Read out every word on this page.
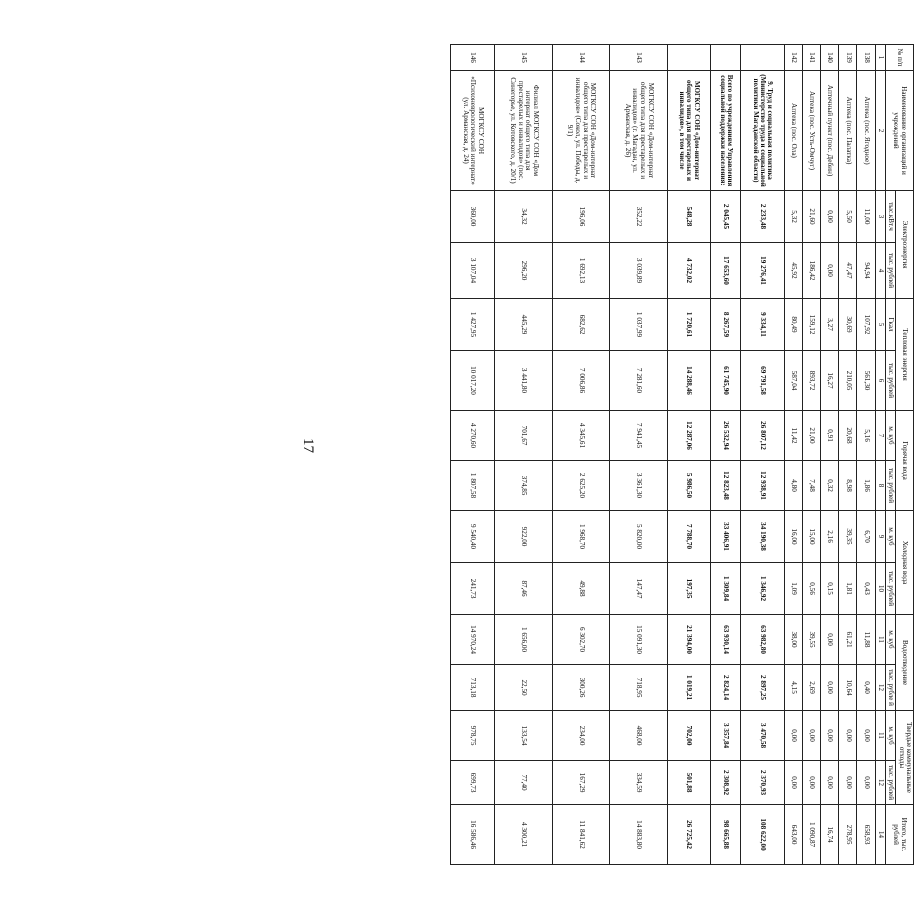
17
№ п/п	Наименование организаций и учреждений	Электроэнергия		Тепловая энергия		Горячая вода		Холодная вода		Водоотведение		Твердые коммунальные отходы		Итого, тыс. рублей
		тыс.кВт.ч	тыс. рублей	Гкал	тыс. рублей	м. куб	тыс. рублей	м. куб	тыс. рублей	м. куб	тыс. рубле й	м. куб	тыс. рублей	
1	2	3	4	5	6	7	8	9	10	11	12	11	12	14
138	Аптека (пос. Ягодное)	11,00	94,94	107,92	561,30	5,16	1,86	6,70	0,43	11,88	0,40	0,00	0,00	658,93
139	Аптека (пос. Палатка)	5,50	47,47	30,69	210,05	20,68	8,98	39,35	1,81	61,21	10,64	0,00	0,00	278,95
140	Аптечный пункт (пос. Дебин)	0,00	0,00	3,27	16,27	0,91	0,32	2,16	0,15	0,00	0,00	0,00	0,00	16,74
141	Аптека (пос. Усть-Омчуг)	21,60	186,42	159,12	893,72	21,00	7,48	15,00	0,56	39,55	2,69	0,00	0,00	1 090,87
142	Аптека (пос. Ола)	5,32	45,92	80,49	587,04	11,42	4,80	16,00	1,09	38,00	4,15	0,00	0,00	643,00
	9. Труд и социальная политика (Министерство труда и социальной политики Магаданской области)	2 233,48	19 276,41	9 334,11	69 791,58	26 807,12	12 938,91	34 190,38	1 346,92	63 982,80	2 897,25	3 470,58	2 370,93	108 622,00
	Всего по учреждениям Управления социальной поддержки населения:	2 045,45	17 653,60	8 267,59	61 745,90	26 532,94	12 823,48	33 406,91	1 309,84	63 930,14	2 824,14	3 357,84	2 308,92	98 665,88
	МОГКСУ СОН «Дом-интернат общего типа для престарелых и инвалидов», в том числе	548,28	4 732,02	1 720,61	14 288,46	12 287,06	5 986,50	7 788,70	197,35	21 394,00	1 019,21	702,00	501,88	26 725,42
143	МОГКСУ СОН «Дом-интернат общего типа для престарелых и инвалидов» (г. Магадан, ул. Арманская, д. 26)	352,22	3 039,89	1 037,99	7 281,60	7 941,45	3 361,30	5 820,00	147,47	15 091,30	718,95	468,00	334,59	14 883,80
144	МОГКСУ СОН «Дом-интернат общего типа для престарелых и инвалидов» (Сокол, ул. Победы, д. 9/1)	196,06	1 692,13	682,62	7 006,86	4 345,61	2 625,20	1 968,70	49,88	6 302,70	300,26	234,00	167,29	11 841,62
145	Филиал МОГКСУ СОН «Дом интернат общего типа для престарелых и инвалидов» (пос. Синегорье, ул. Котовского, д. 20/1)	34,32	296,20	445,29	3 441,80	701,67	374,85	922,00	87,46	1 656,00	22,50	133,54	77,40	4 300,21
146	МОГКСУ СОН «Психоневрологический интернат» (ул. Арманская, д. 24)	360,00	3 107,04	1 427,95	10 017,20	4 270,60	1 807,58	9 540,40	241,73	14 970,24	713,18	978,75	699,73	16 586,46
